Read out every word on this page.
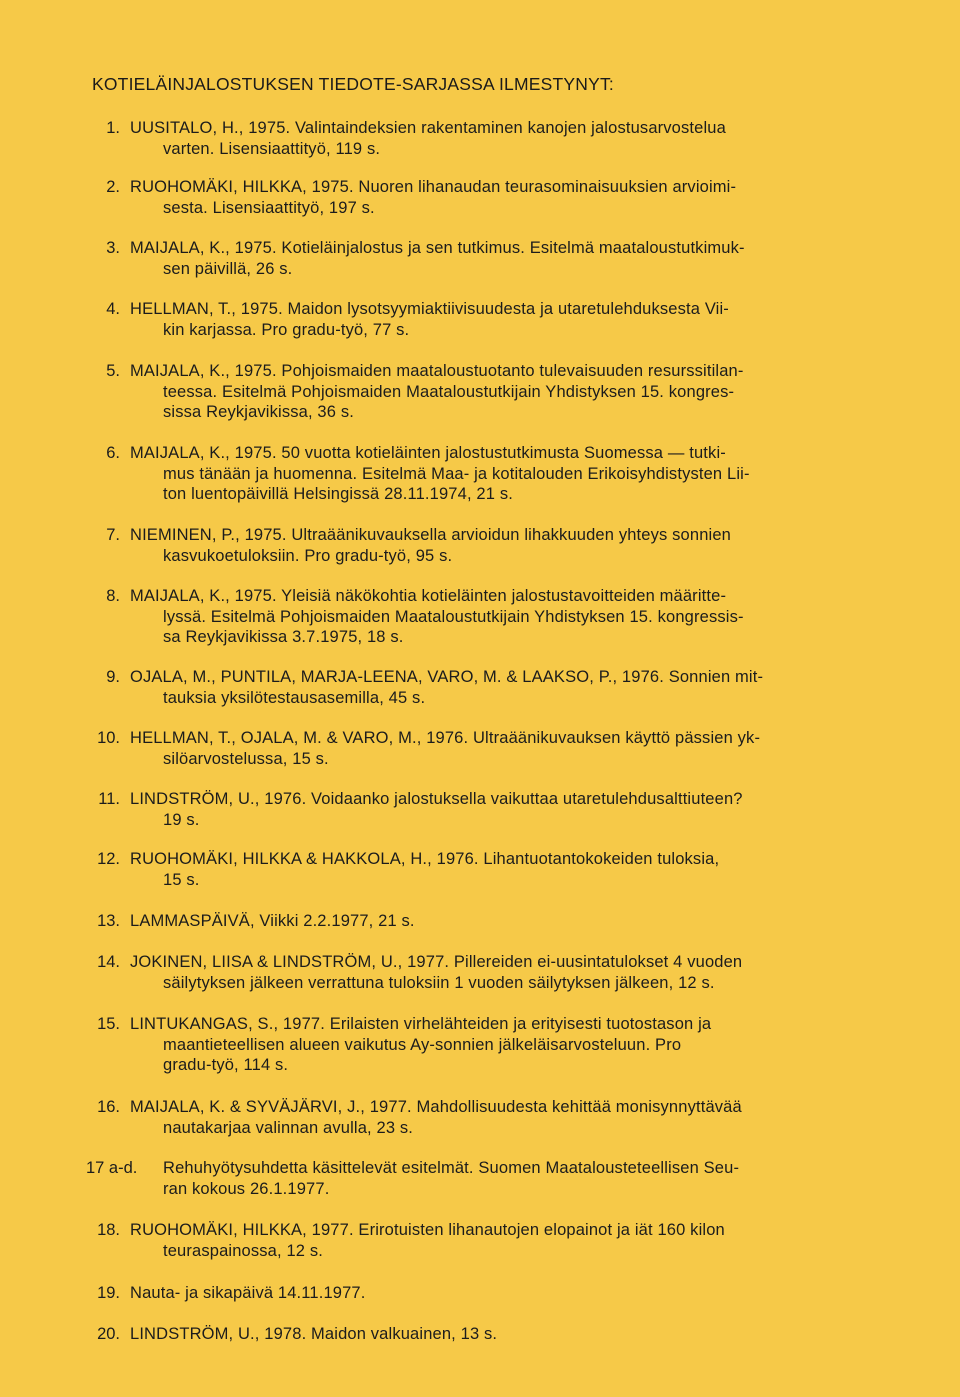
KOTIELÄINJALOSTUKSEN TIEDOTE-SARJASSA ILMESTYNYT:
1. UUSITALO, H., 1975. Valintaindeksien rakentaminen kanojen jalostusarvostelua
varten. Lisensiaattityö, 119 s.
2. RUOHOMÄKI, HILKKA, 1975. Nuoren lihanaudan teurasominaisuuksien arvioimi-
sesta. Lisensiaattityö, 197 s.
3. MAIJALA, K., 1975. Kotieläinjalostus ja sen tutkimus. Esitelmä maataloustutkimuk-
sen päivillä, 26 s.
4. HELLMAN, T., 1975. Maidon lysotsyymiaktiivisuudesta ja utaretulehduksesta Vii-
kin karjassa. Pro gradu-työ, 77 s.
5. MAIJALA, K., 1975. Pohjoismaiden maataloustuotanto tulevaisuuden resurssitilan-
teessa. Esitelmä Pohjoismaiden Maataloustutkijain Yhdistyksen 15. kongres-
sissa Reykjavikissa, 36 s.
6. MAIJALA, K., 1975. 50 vuotta kotieläinten jalostustutkimusta Suomessa — tutki-
mus tänään ja huomenna. Esitelmä Maa- ja kotitalouden Erikoisyhdistysten Lii-
ton luentopäivillä Helsingissä 28.11.1974, 21 s.
7. NIEMINEN, P., 1975. Ultraäänikuvauksella arvioidun lihakkuuden yhteys sonnien
kasvukoetuloksiin. Pro gradu-työ, 95 s.
8. MAIJALA, K., 1975. Yleisiä näkökohtia kotieläinten jalostustavoitteiden määritte-
lyssä. Esitelmä Pohjoismaiden Maataloustutkijain Yhdistyksen 15. kongressis-
sa Reykjavikissa 3.7.1975, 18 s.
9. OJALA, M., PUNTILA, MARJA-LEENA, VARO, M. & LAAKSO, P., 1976. Sonnien mit-
tauksia yksilötestausasemilla, 45 s.
10. HELLMAN, T., OJALA, M. & VARO, M., 1976. Ultraäänikuvauksen käyttö pässien yk-
silöarvostelussa, 15 s.
11. LINDSTRÖM, U., 1976. Voidaanko jalostuksella vaikuttaa utaretulehdusalttiuteen?
19 s.
12. RUOHOMÄKI, HILKKA & HAKKOLA, H., 1976. Lihantuotantokokeiden tuloksia,
15 s.
13. LAMMASPÄIVÄ, Viikki 2.2.1977, 21 s.
14. JOKINEN, LIISA & LINDSTRÖM, U., 1977. Pillereiden ei-uusintatulokset 4 vuoden
säilytyksen jälkeen verrattuna tuloksiin 1 vuoden säilytyksen jälkeen, 12 s.
15. LINTUKANGAS, S., 1977. Erilaisten virhelähteiden ja erityisesti tuotostason ja
maantieteellisen alueen vaikutus Ay-sonnien jälkeläisarvosteluun. Pro
gradu-työ, 114 s.
16. MAIJALA, K. & SYVÄJÄRVI, J., 1977. Mahdollisuudesta kehittää monisynnyttävää
nautakarjaa valinnan avulla, 23 s.
17 a-d.	Rehuhyötysuhdetta käsittelevät esitelmät. Suomen Maatalousteteellisen Seu-
ran kokous 26.1.1977.
18. RUOHOMÄKI, HILKKA, 1977. Erirotuisten lihanautojen elopainot ja iät 160 kilon
teuraspainossa, 12 s.
19. Nauta- ja sikapäivä 14.11.1977.
20. LINDSTRÖM, U., 1978. Maidon valkuainen, 13 s.
